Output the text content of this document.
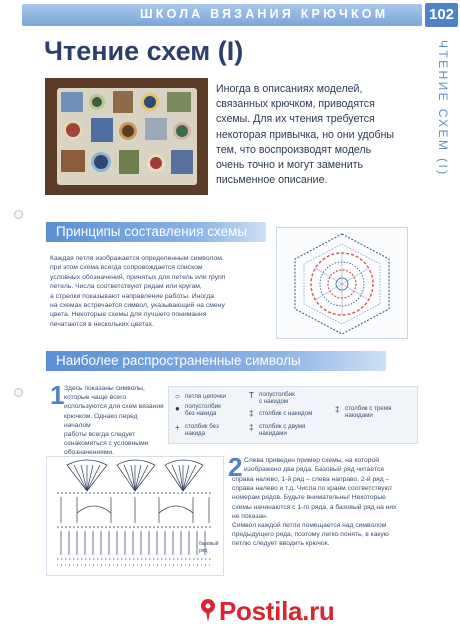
ШКОЛА ВЯЗАНИЯ КРЮЧКОМ	102
ЧТЕНИЕ СХЕМ (I)
Чтение схем (I)

Иногда в описаниях моделей,

связанных крючком, приводятся

схемы. Для их чтения требуется

некоторая привычка, но они удобны

тем, что воспроизводят модель

очень точно и могут заменить

письменное описание.

Принципы составления схемы
Каждая петля изображается определенным символом,
при этом схема всегда сопровождается списком
условных обозначений, принятых для петель или групп
петель. Числа соответствуют рядам или кругам,
а стрелки показывают направление работы. Иногда
на схемах встречается символ, указывающий на смену
цвета. Некоторые схемы для лучшего понимания
печатаются в нескольких цветах.
Наиболее распространенные символы
1 Здесь показаны символы,
которые чаще всего
используются для схем вязания
крючком. Однако перед началом
работы всегда следует
ознакомиться с условными
обозначениями.
○ петля цепочки
● полустолбик
без накида
+ столбик без
накида
T полустолбик
с накидом
‡ столбик с накидом
‡ столбик с двумя
накидами
‡ столбик с тремя
накидами
базовый
ряд
2 Слева приведен пример схемы, на которой
изображено два ряда. Базовый ряд читается
справа налево, 1-й ряд – слева направо, 2-й ряд –
справа налево и т.д. Числа по краям соответствуют
номерам рядов. Будьте внимательны! Некоторые
схемы начинаются с 1-го ряда, а базовый ряд на них
не показан.
Символ каждой петли помещается над символом
предыдущего ряда, поэтому легко понять, в какую
петлю следует вводить крючок.
Postila.ru
